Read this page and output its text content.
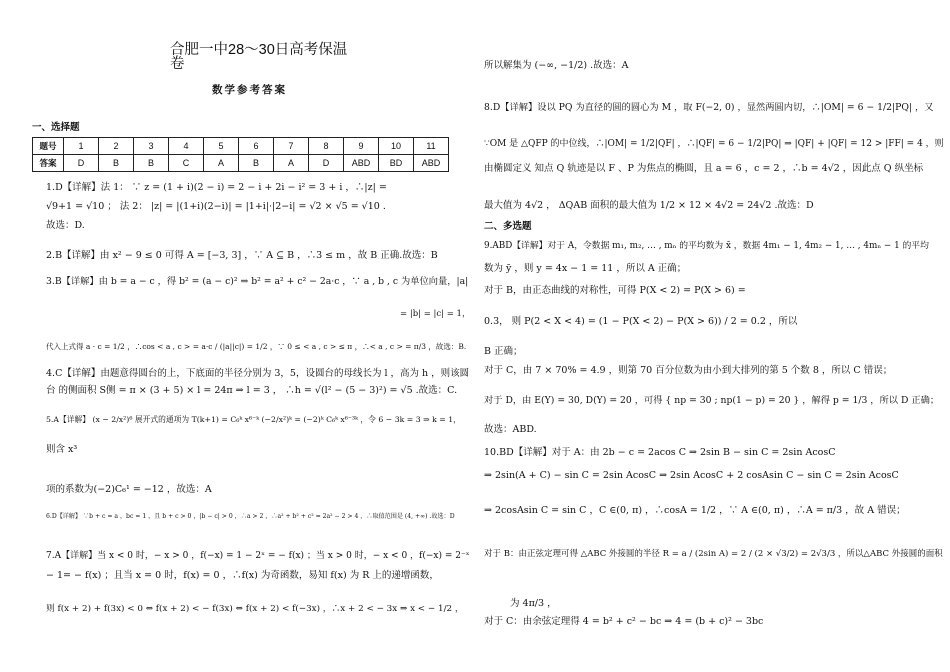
合肥一中28～30日高考保温
卷
数学参考答案
一、选择题
题号	1	2	3	4	5	6	7	8	9	10	11
答案	D	B	B	C	A	B	A	D	ABD	BD	ABD
1.D【详解】法 1： ∵ z = (1 + i)(2 − i) = 2 − i + 2i − i² = 3 + i ，∴|z| =
√9+1 = √10 ； 法 2： |z| = |(1+i)(2−i)| = |1+i|·|2−i| = √2 × √5 = √10 .
故选：D.
2.B【详解】由 x² − 9 ≤ 0 可得 A = [−3, 3] ，∵ A ⊆ B ，∴3 ≤ m ，故 B 正确.故选：B
3.B【详解】由 b = a − c ，得 b² = (a − c)² ⇒ b² = a² + c² − 2a·c ，∵ a , b , c 为单位向量，|a|
= |b| = |c| = 1，
代入上式得 a · c = 1/2 ，∴cos < a , c > = a·c / (|a||c|) = 1/2 ，∵ 0 ≤ < a , c > ≤ π ，∴< a , c > = π/3 ，故选：B.
4.C【详解】由题意得圆台的上，下底面的半径分别为 3，5，设圆台的母线长为 l ，高为 h ，则该圆
台 的侧面积 S侧 = π × (3 + 5) × l = 24π ⇒ l = 3 ， ∴h = √(l² − (5 − 3)²) = √5 .故选：C.
5.A【详解】 (x − 2/x²)⁶ 展开式的通项为 T(k+1) = C₆ᵏ x⁶⁻ᵏ (−2/x²)ᵏ = (−2)ᵏ C₆ᵏ x⁶⁻³ᵏ ，令 6 − 3k = 3 ⇒ k = 1，
则含 x³
项的系数为(−2)C₆¹ = −12 ，故选：A
6.D【详解】 ∵b + c = a ，bc = 1 ，且 b + c > 0 ，|b − c| > 0 ，∴a > 2 ，∴a² + b² + c² = 2a² − 2 > 4 ，∴取值范围是 (4, +∞) .故选：D
7.A【详解】当 x < 0 时，− x > 0 ，f(−x) = 1 − 2ˣ = − f(x) ；当 x > 0 时，− x < 0 ，f(−x) = 2⁻ˣ
− 1= − f(x) ；且当 x = 0 时，f(x) = 0 ，∴f(x) 为奇函数，易知 f(x) 为 R 上的递增函数，
则 f(x + 2) + f(3x) < 0 ⇔ f(x + 2) < − f(3x) ⇔ f(x + 2) < f(−3x) ，∴x + 2 < − 3x ⇒ x < − 1/2 ，
所以解集为 (−∞, −1/2) .故选：A
8.D【详解】设以 PQ 为直径的圆的圆心为 M ，取 F(−2, 0) ，显然两圆内切，∴|OM| = 6 − 1/2|PQ| ，又
∵OM 是 △QFP 的中位线，∴|OM| = 1/2|QF| ，∴|QF| = 6 − 1/2|PQ| ⇒ |QF| + |QF| = 12 > |FF| = 4 ，则
由椭圆定义 知点 Q 轨迹是以 F 、P 为焦点的椭圆，且 a = 6 ，c = 2 ，∴b = 4√2 ，因此点 Q 纵坐标
最大值为 4√2 ， ΔQAB 面积的最大值为 1/2 × 12 × 4√2 = 24√2 .故选：D
二、多选题
9.ABD【详解】对于 A，令数据 m₁, m₂, … , mₙ 的平均数为 x̄ ，数据 4m₁ − 1, 4m₂ − 1, … , 4mₙ − 1 的平均
数为 ȳ ，则 y = 4x − 1 = 11 ，所以 A 正确；
对于 B，由正态曲线的对称性，可得 P(X < 2) = P(X > 6) =
0.3， 则 P(2 < X < 4) = (1 − P(X < 2) − P(X > 6)) / 2 = 0.2 ，所以
B 正确；
对于 C，由 7 × 70% = 4.9 ，则第 70 百分位数为由小到大排列的第 5 个数 8 ，所以 C 错误；
对于 D，由 E(Y) = 30, D(Y) = 20 ，可得 { np = 30 ; np(1 − p) = 20 } ，解得 p = 1/3 ，所以 D 正确；
故选：ABD.
10.BD【详解】对于 A：由 2b − c = 2acos C ⇒ 2sin B − sin C = 2sin AcosC
⇒ 2sin(A + C) − sin C = 2sin AcosC ⇒ 2sin AcosC + 2 cosAsin C − sin C = 2sin AcosC
⇒ 2cosAsin C = sin C ，C ∈(0, π) ，∴cosA = 1/2 ，∵ A ∈(0, π) ，∴A = π/3 ，故 A 错误；
对于 B：由正弦定理可得 △ABC 外接圆的半径 R = a / (2sin A) = 2 / (2 × √3/2) = 2√3/3 ，所以△ABC 外接圆的面积
为 4π/3 ，
对于 C：由余弦定理得 4 = b² + c² − bc ⇒ 4 = (b + c)² − 3bc
